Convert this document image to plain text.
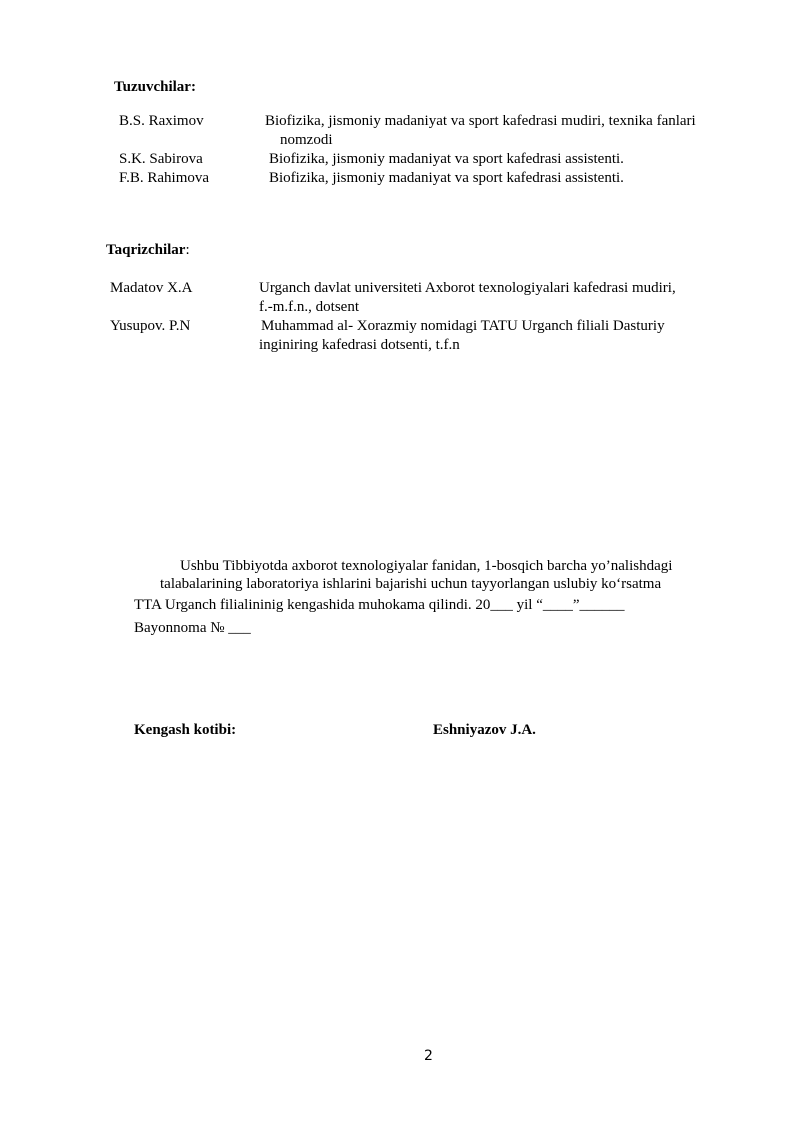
Tuzuvchilar:
B.S. Raximov	Biofizika, jismoniy madaniyat va sport kafedrasi mudiri, texnika fanlari
nomzodi
S.K. Sabirova	Biofizika, jismoniy madaniyat va sport kafedrasi assistenti.
F.B. Rahimova	Biofizika, jismoniy madaniyat va sport kafedrasi assistenti.
Taqrizchilar:
Madatov X.A	Urganch davlat universiteti Axborot texnologiyalari kafedrasi mudiri,
f.-m.f.n., dotsent
Yusupov. P.N	Muhammad al- Xorazmiy nomidagi TATU Urganch filiali Dasturiy
inginiring kafedrasi dotsenti, t.f.n
Ushbu Tibbiyotda axborot texnologiyalar fanidan, 1-bosqich barcha yo’nalishdagi
talabalarining laboratoriya ishlarini bajarishi uchun tayyorlangan uslubiy ko‘rsatma
TTA Urganch filialininig kengashida muhokama qilindi. 20___ yil “____”______
Bayonnoma № ___
Kengash kotibi:	Eshniyazov J.A.
2
